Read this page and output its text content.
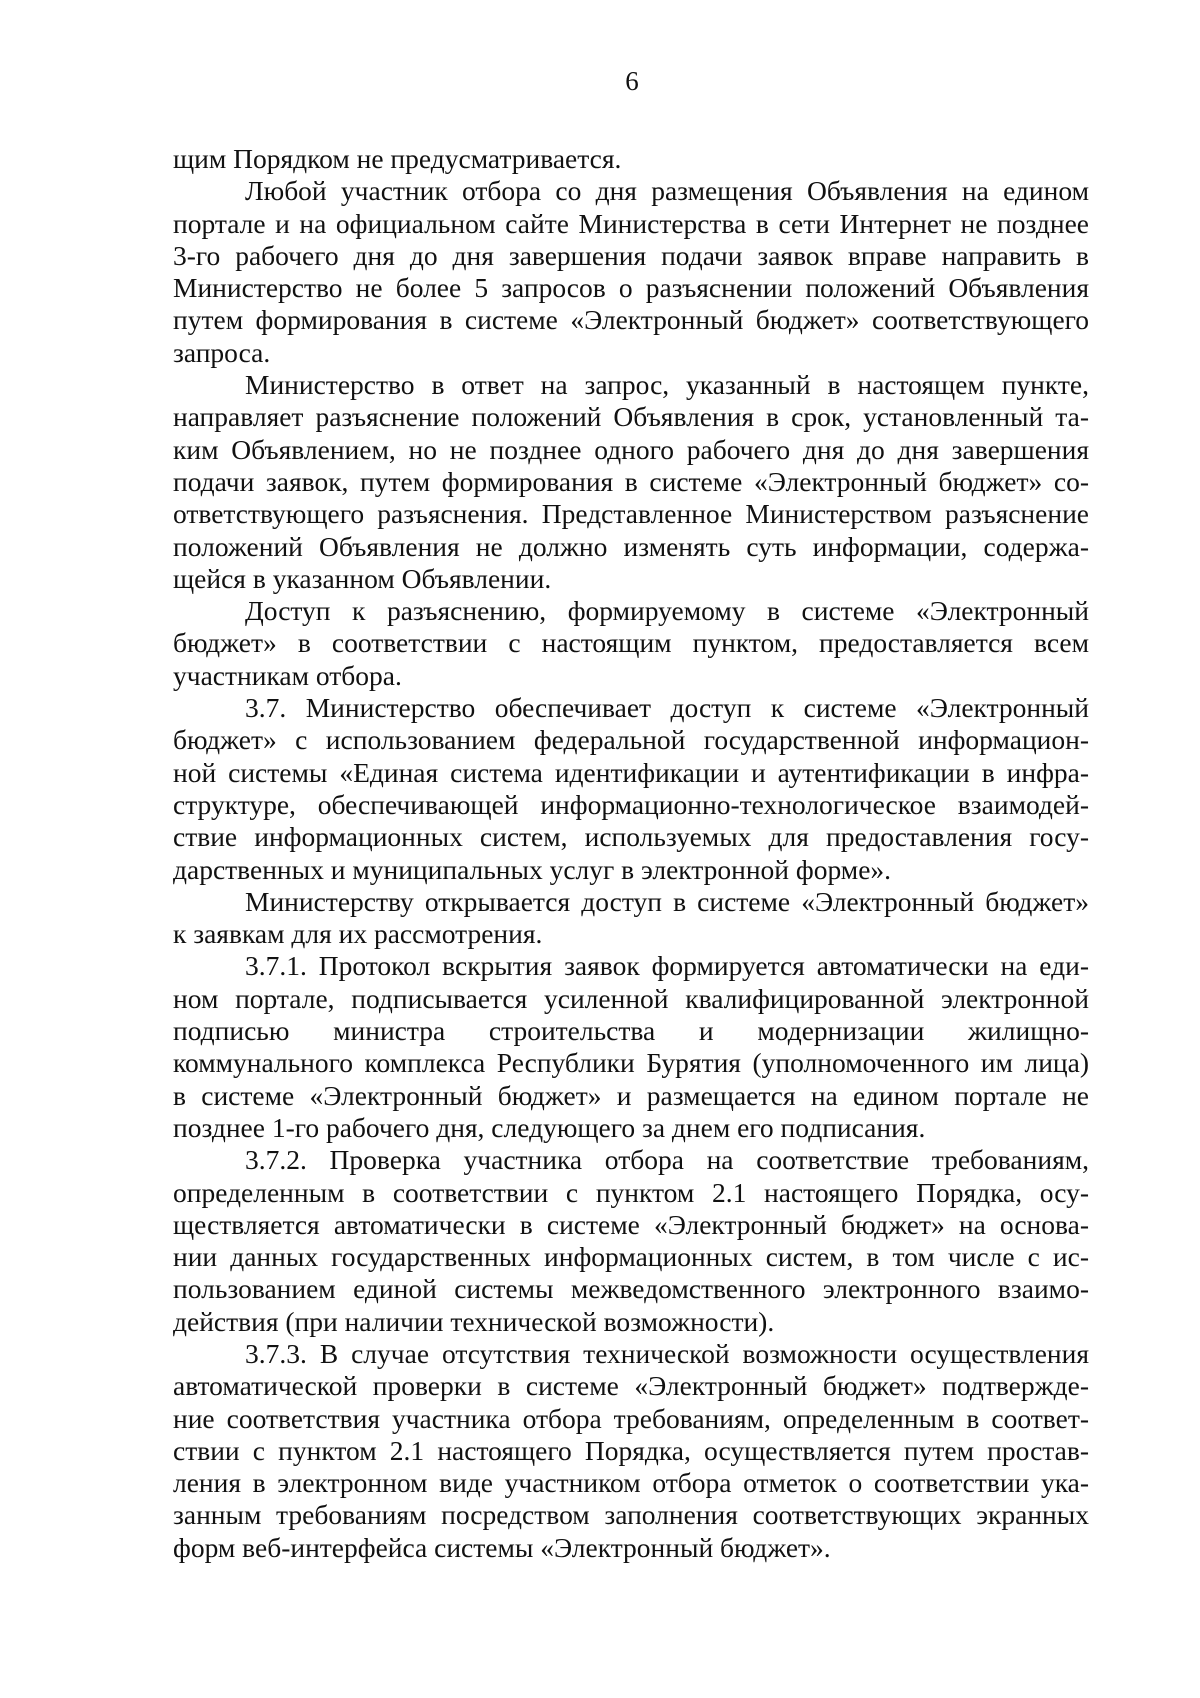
6
щим Порядком не предусматривается.
Любой участник отбора со дня размещения Объявления на едином
портале и на официальном сайте Министерства в сети Интернет не позднее
3-го рабочего дня до дня завершения подачи заявок вправе направить в
Министерство не более 5 запросов о разъяснении положений Объявления
путем формирования в системе «Электронный бюджет» соответствующего
запроса.
Министерство в ответ на запрос, указанный в настоящем пункте,
направляет разъяснение положений Объявления в срок, установленный та-
ким Объявлением, но не позднее одного рабочего дня до дня завершения
подачи заявок, путем формирования в системе «Электронный бюджет» со-
ответствующего разъяснения. Представленное Министерством разъяснение
положений Объявления не должно изменять суть информации, содержа-
щейся в указанном Объявлении.
Доступ к разъяснению, формируемому в системе «Электронный
бюджет» в соответствии с настоящим пунктом, предоставляется всем
участникам отбора.
3.7. Министерство обеспечивает доступ к системе «Электронный
бюджет» с использованием федеральной государственной информацион-
ной системы «Единая система идентификации и аутентификации в инфра-
структуре, обеспечивающей информационно-технологическое взаимодей-
ствие информационных систем, используемых для предоставления госу-
дарственных и муниципальных услуг в электронной форме».
Министерству открывается доступ в системе «Электронный бюджет»
к заявкам для их рассмотрения.
3.7.1. Протокол вскрытия заявок формируется автоматически на еди-
ном портале, подписывается усиленной квалифицированной электронной
подписью министра строительства и модернизации жилищно-
коммунального комплекса Республики Бурятия (уполномоченного им лица)
в системе «Электронный бюджет» и размещается на едином портале не
позднее 1-го рабочего дня, следующего за днем его подписания.
3.7.2. Проверка участника отбора на соответствие требованиям,
определенным в соответствии с пунктом 2.1 настоящего Порядка, осу-
ществляется автоматически в системе «Электронный бюджет» на основа-
нии данных государственных информационных систем, в том числе с ис-
пользованием единой системы межведомственного электронного взаимо-
действия (при наличии технической возможности).
3.7.3. В случае отсутствия технической возможности осуществления
автоматической проверки в системе «Электронный бюджет» подтвержде-
ние соответствия участника отбора требованиям, определенным в соответ-
ствии с пунктом 2.1 настоящего Порядка, осуществляется путем простав-
ления в электронном виде участником отбора отметок о соответствии ука-
занным требованиям посредством заполнения соответствующих экранных
форм веб-интерфейса системы «Электронный бюджет».
